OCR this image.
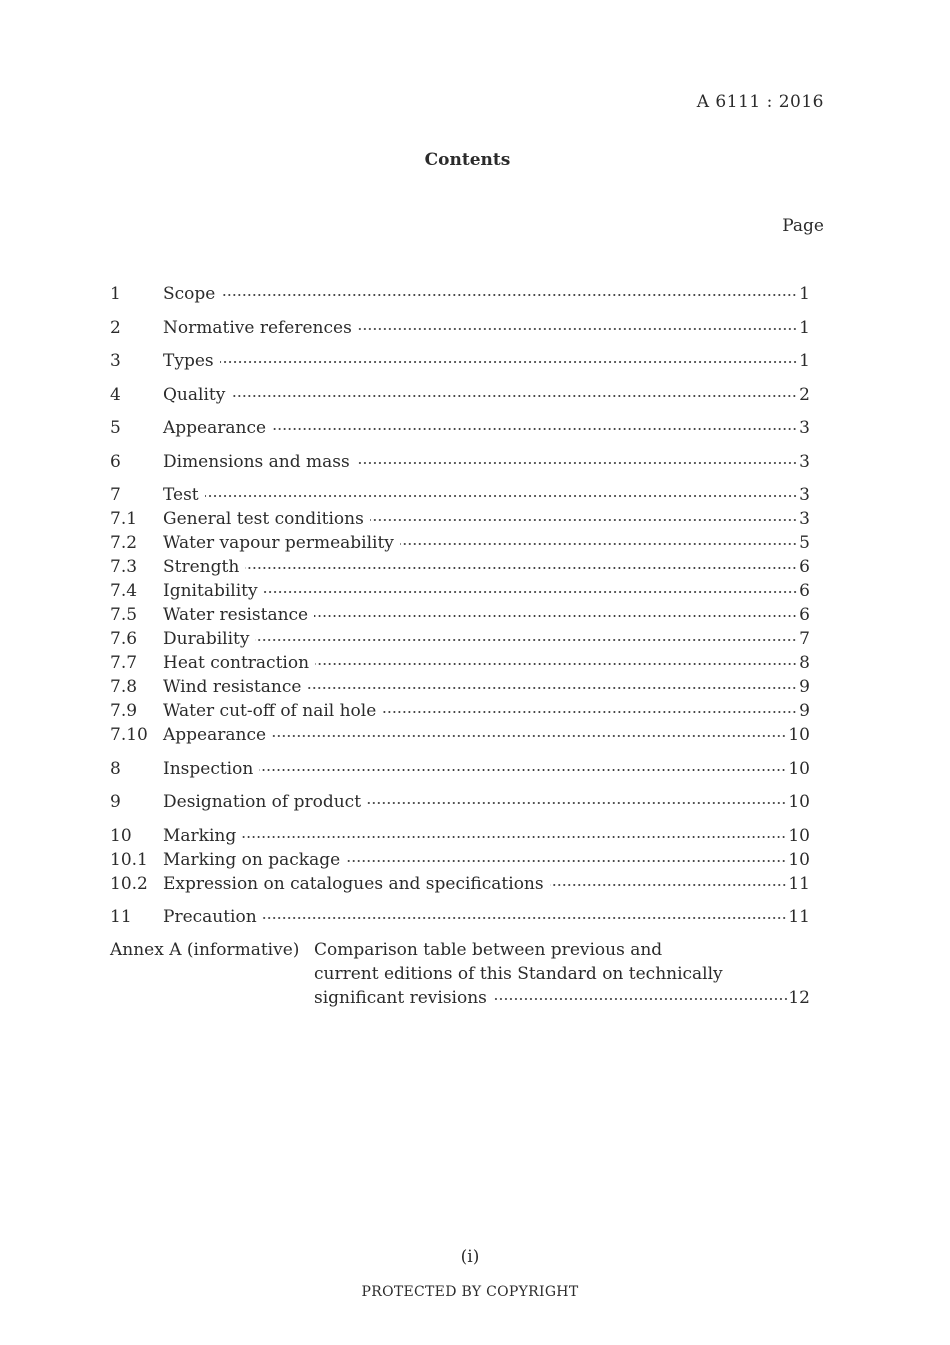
A 6111 : 2016
Contents
Page
1 Scope	1
2 Normative references	1
3 Types	1
4 Quality	2
5 Appearance	3
6 Dimensions and mass	3
7 Test	3
7.1 General test conditions	3
7.2 Water vapour permeability	5
7.3 Strength	6
7.4 Ignitability	6
7.5 Water resistance	6
7.6 Durability	7
7.7 Heat contraction	8
7.8 Wind resistance	9
7.9 Water cut-off of nail hole	9
7.10 Appearance	10
8 Inspection	10
9 Designation of product	10
10 Marking	10
10.1 Marking on package	10
10.2 Expression on catalogues and specifications	11
11 Precaution	11
Annex A (informative) Comparison table between previous and
current editions of this Standard on technically
significant revisions	12
(i)
PROTECTED BY COPYRIGHT
